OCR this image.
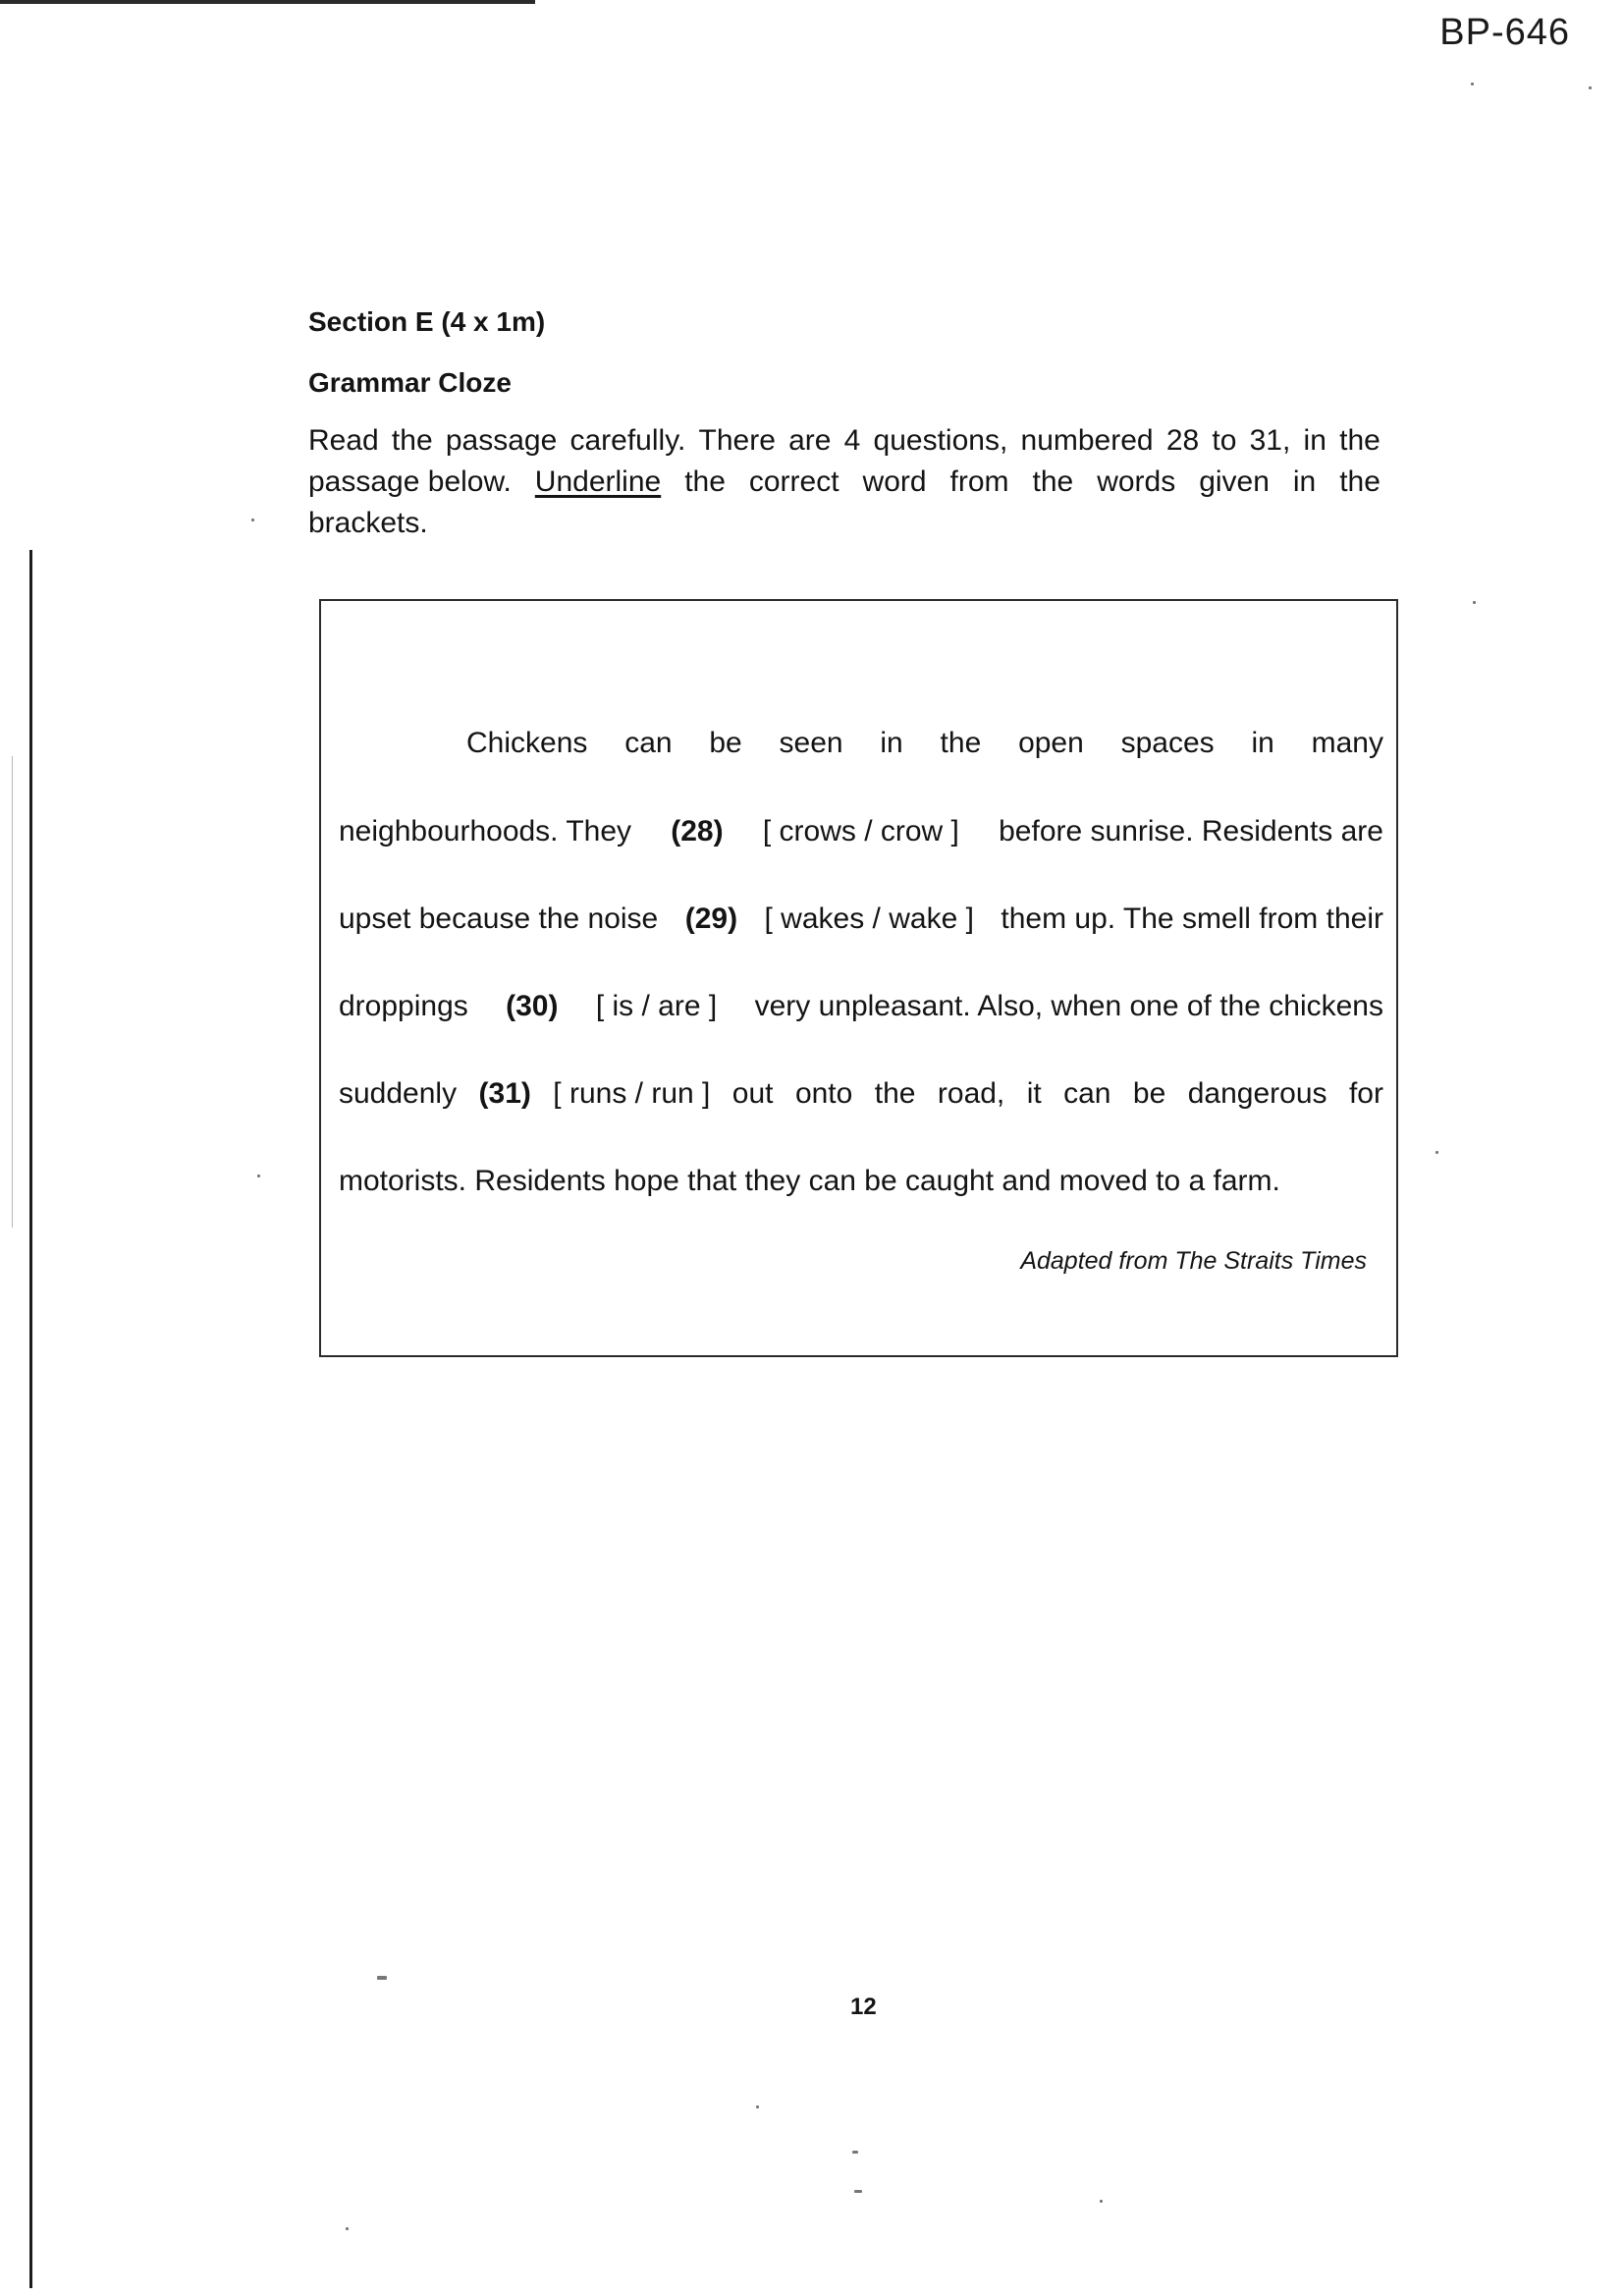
BP-646
Section E (4 x 1m)
Grammar Cloze
Read the passage carefully. There are 4 questions, numbered 28 to 31, in the
passage below. Underline the correct word from the words given in the
brackets.
Chickens can be seen in the open spaces in many
neighbourhoods. They (28) [ crows / crow ] before sunrise. Residents are
upset because the noise (29) [ wakes / wake ] them up. The smell from their
droppings (30) [ is / are ] very unpleasant. Also, when one of the chickens
suddenly (31) [ runs / run ] out onto the road, it can be dangerous for
motorists. Residents hope that they can be caught and moved to a farm.
Adapted from The Straits Times
12
